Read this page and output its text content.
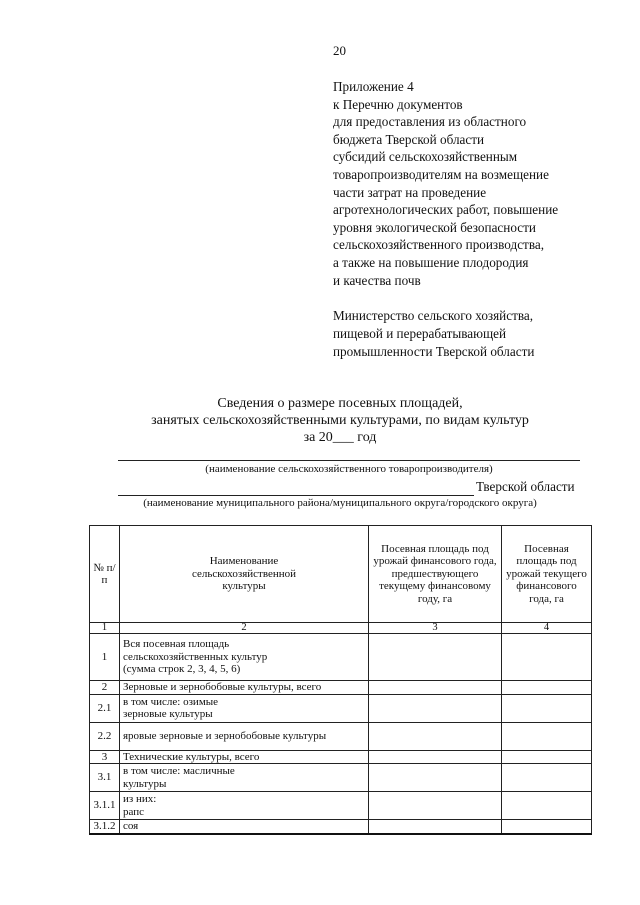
20
Приложение 4
к Перечню документов
для предоставления из областного
бюджета Тверской области
субсидий сельскохозяйственным
товаропроизводителям на возмещение
части затрат на проведение
агротехнологических работ, повышение
уровня экологической безопасности
сельскохозяйственного производства,
а также на повышение плодородия
и качества почв
Министерство сельского хозяйства,
пищевой и перерабатывающей
промышленности Тверской области
Сведения о размере посевных площадей,
занятых сельскохозяйственными культурами, по видам культур
за 20___ год
(наименование сельскохозяйственного товаропроизводителя)
Тверской области
(наименование муниципального района/муниципального округа/городского округа)
№ п/п	Наименование сельскохозяйственной культуры	Посевная площадь под урожай финансового года, предшествующего текущему финансовому году, га	Посевная площадь под урожай текущего финансового года, га
1	2	3	4
1	Вся посевная площадь сельскохозяйственных культур (сумма строк 2, 3, 4, 5, 6)		
2	Зерновые и зернобобовые культуры, всего		
2.1	в том числе: озимые зерновые культуры		
2.2	яровые зерновые и зернобобовые культуры		
3	Технические культуры, всего		
3.1	в том числе: масличные культуры		
3.1.1	из них: рапс		
3.1.2	соя		
